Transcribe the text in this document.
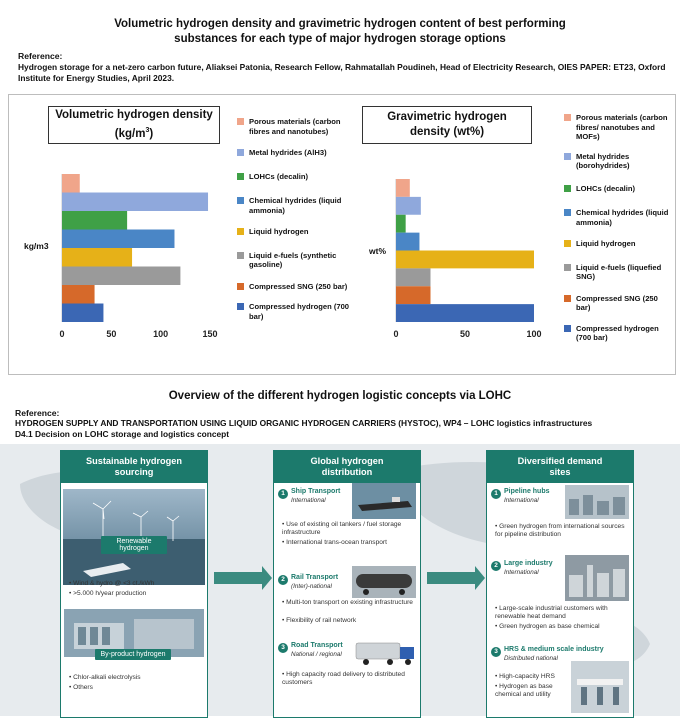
Volumetric hydrogen density and gravimetric hydrogen content of best performing
substances for each type of major hydrogen storage options
Reference:
Hydrogen storage for a net-zero carbon future, Aliaksei Patonia, Research Fellow, Rahmatallah Poudineh, Head of Electricity Research, OIES PAPER: ET23, Oxford Institute for Energy Studies, April 2023.
Volumetric hydrogen density
$(kg/m^3)$
kg/m3
0	50	100	150	0	50	100
Porous materials (carbon fibres and nanotubes)
Metal hydrides (AlH3)
LOHCs (decalin)
Chemical hydrides (liquid ammonia)
Liquid hydrogen
Liquid e-fuels (synthetic gasoline)
Compressed SNG (250 bar)
Compressed hydrogen (700 bar)
Gravimetric hydrogen
density (wt%)
wt%
Porous materials (carbon fibres/ nanotubes and MOFs)
Metal hydrides (borohydrides)
LOHCs (decalin)
Chemical hydrides (liquid ammonia)
Liquid hydrogen
Liquid e-fuels (liquefied SNG)
Compressed SNG (250 bar)
Compressed hydrogen (700 bar)
Overview of the different hydrogen logistic concepts via LOHC
Reference:
HYDROGEN SUPPLY AND TRANSPORTATION USING LIQUID ORGANIC HYDROGEN CARRIERS (HYSTOC), WP4 – LOHC logistics infrastructures
D4.1 Decision on LOHC storage and logistics concept
Sustainable hydrogen
sourcing
Renewable hydrogen
• Wind & hydro @ <3 ct./kWh
• >5.000 h/year production
By-product hydrogen
• Chlor-alkali electrolysis
• Others
Global hydrogen
distribution
1 Ship Transport
International
• Use of existing oil tankers / fuel storage infrastructure
• International trans-ocean transport
2 Rail Transport
(Inter)-national
• Multi-ton transport on existing infrastructure
• Flexibility of rail network
3 Road Transport
National / regional
• High capacity road delivery to distributed customers
Diversified demand
sites
1 Pipeline hubs
International
• Green hydrogen from international sources for pipeline distribution
2 Large industry
International
• Large-scale industrial customers with renewable heat demand
• Green hydrogen as base chemical
3 HRS & medium scale industry
Distributed national
• High-capacity HRS
• Hydrogen as base chemical and utility
